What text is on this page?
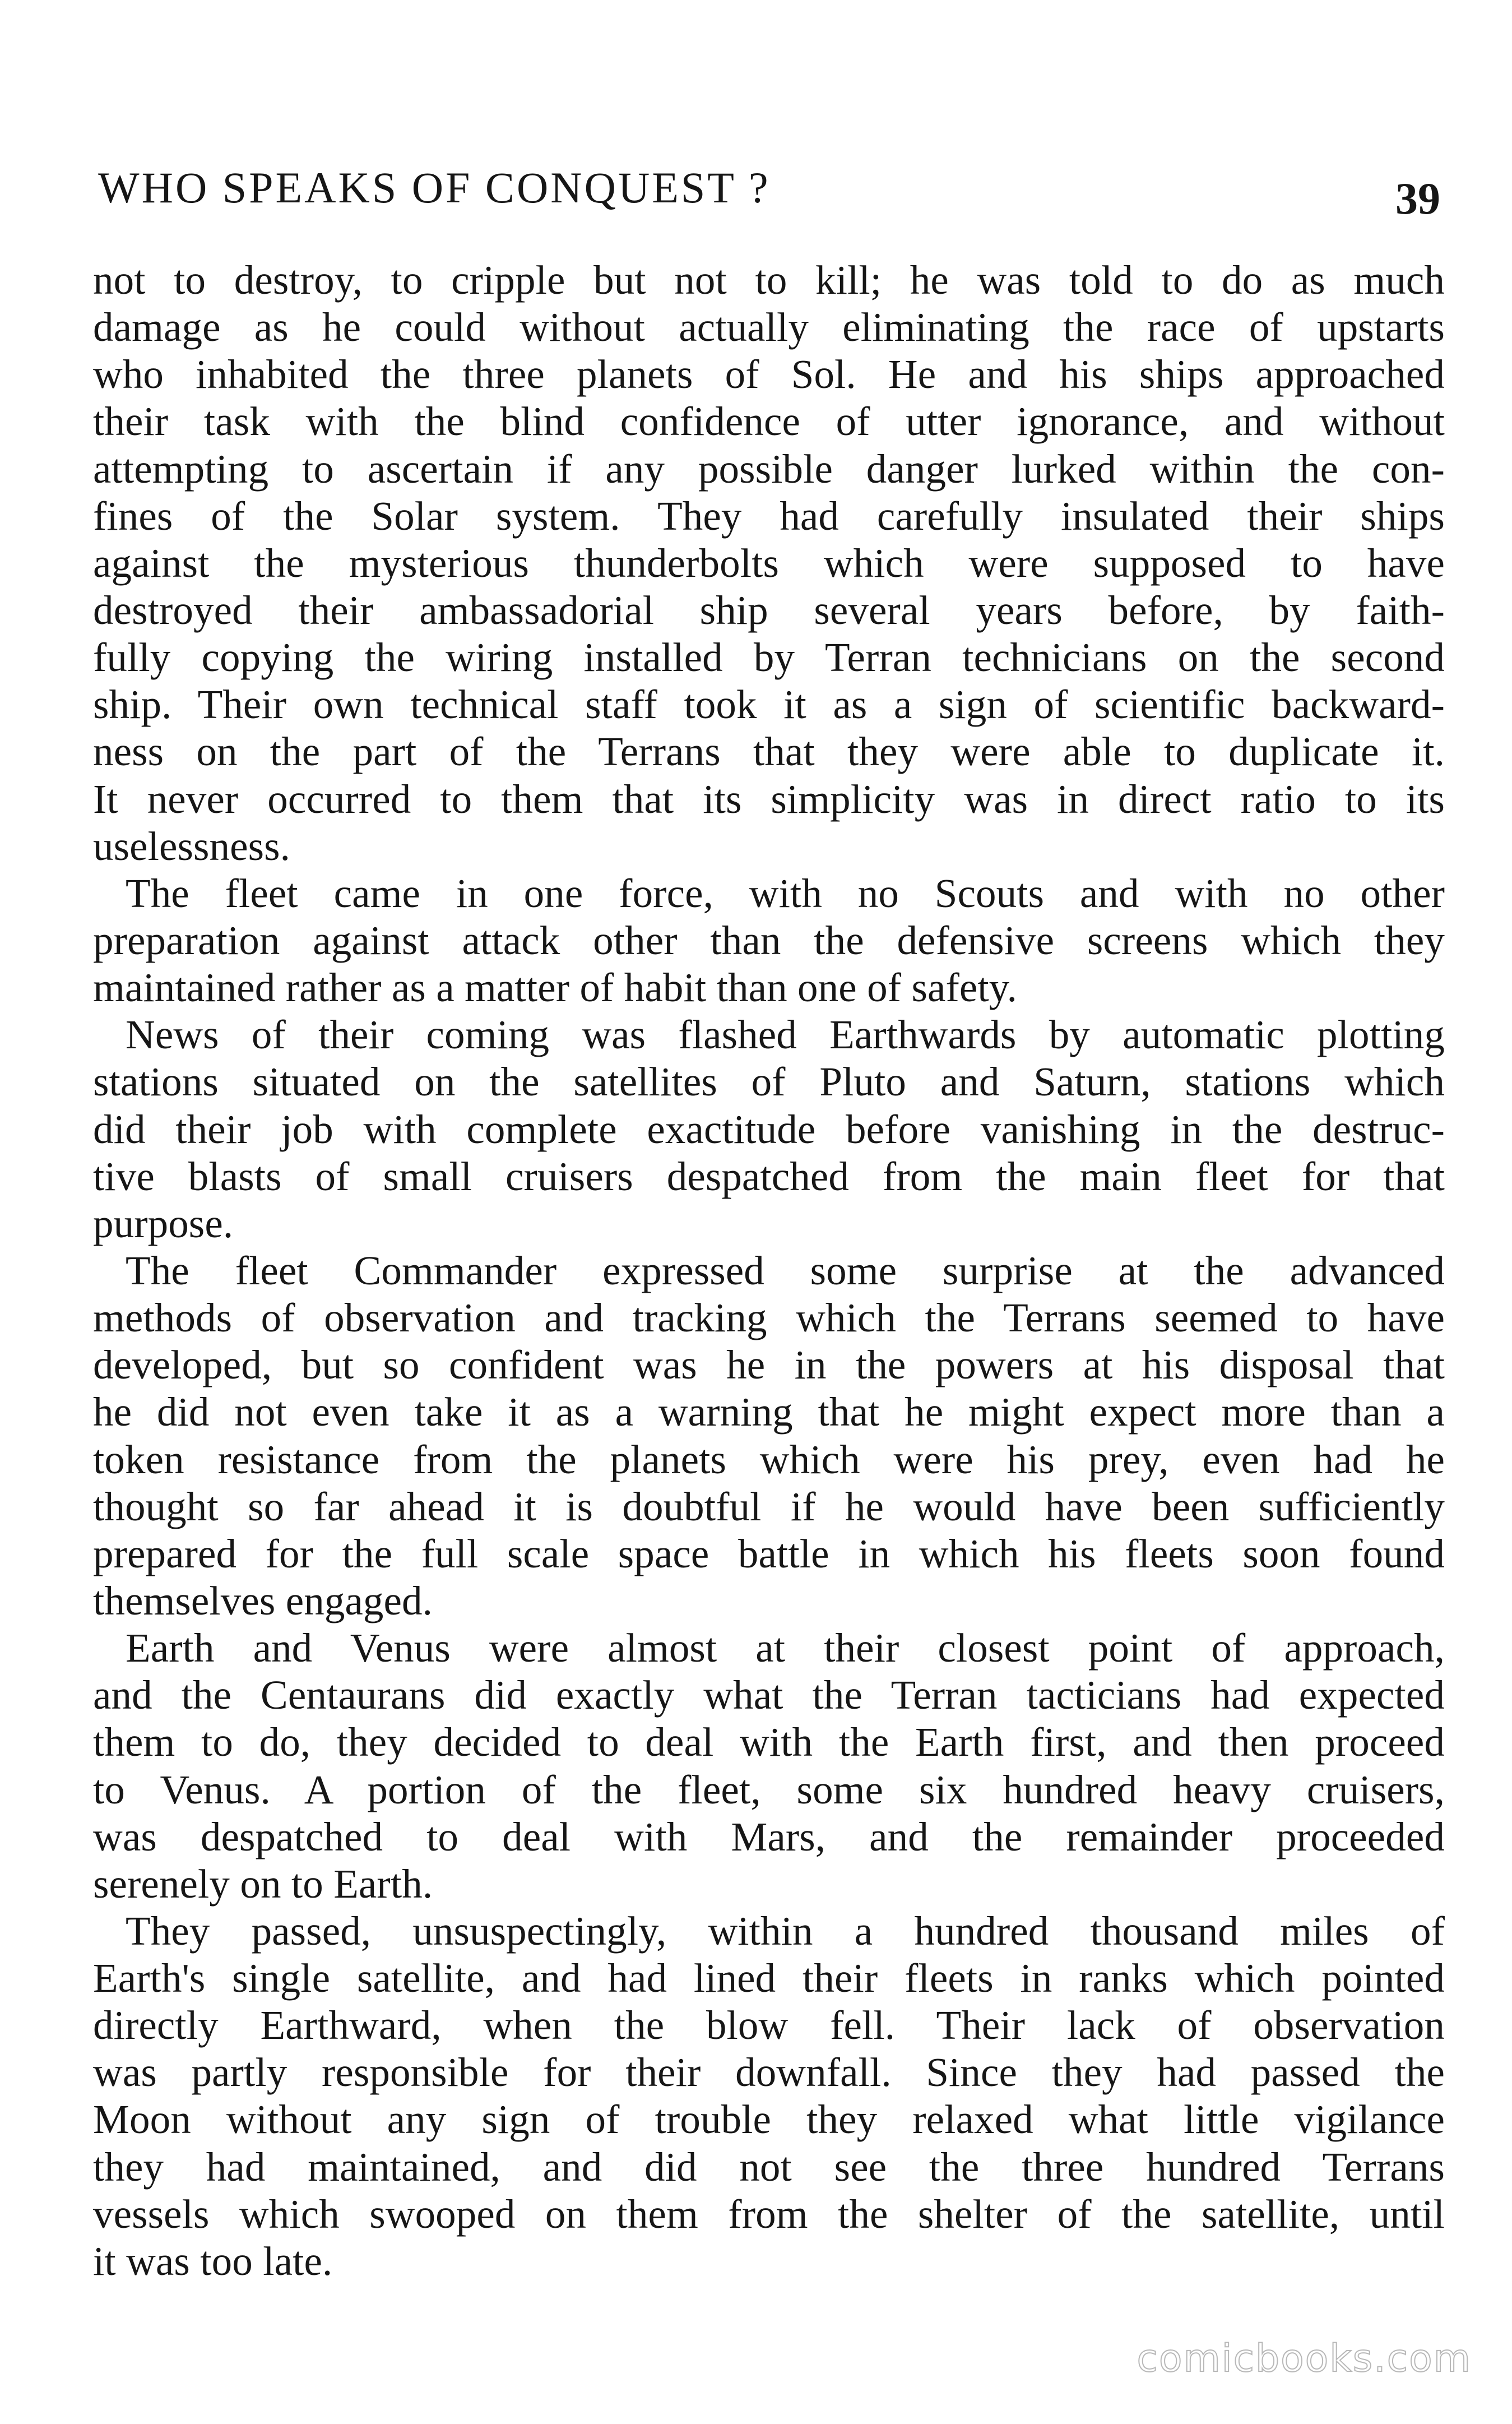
WHO SPEAKS OF CONQUEST ?	39
not to destroy, to cripple but not to kill; he was told to do as much
damage as he could without actually eliminating the race of upstarts
who inhabited the three planets of Sol. He and his ships approached
their task with the blind confidence of utter ignorance, and without
attempting to ascertain if any possible danger lurked within the con-
fines of the Solar system. They had carefully insulated their ships
against the mysterious thunderbolts which were supposed to have
destroyed their ambassadorial ship several years before, by faith-
fully copying the wiring installed by Terran technicians on the second
ship. Their own technical staff took it as a sign of scientific backward-
ness on the part of the Terrans that they were able to duplicate it.
It never occurred to them that its simplicity was in direct ratio to its
uselessness.
The fleet came in one force, with no Scouts and with no other
preparation against attack other than the defensive screens which they
maintained rather as a matter of habit than one of safety.
News of their coming was flashed Earthwards by automatic plotting
stations situated on the satellites of Pluto and Saturn, stations which
did their job with complete exactitude before vanishing in the destruc-
tive blasts of small cruisers despatched from the main fleet for that
purpose.
The fleet Commander expressed some surprise at the advanced
methods of observation and tracking which the Terrans seemed to have
developed, but so confident was he in the powers at his disposal that
he did not even take it as a warning that he might expect more than a
token resistance from the planets which were his prey, even had he
thought so far ahead it is doubtful if he would have been sufficiently
prepared for the full scale space battle in which his fleets soon found
themselves engaged.
Earth and Venus were almost at their closest point of approach,
and the Centaurans did exactly what the Terran tacticians had expected
them to do, they decided to deal with the Earth first, and then proceed
to Venus. A portion of the fleet, some six hundred heavy cruisers,
was despatched to deal with Mars, and the remainder proceeded
serenely on to Earth.
They passed, unsuspectingly, within a hundred thousand miles of
Earth's single satellite, and had lined their fleets in ranks which pointed
directly Earthward, when the blow fell. Their lack of observation
was partly responsible for their downfall. Since they had passed the
Moon without any sign of trouble they relaxed what little vigilance
they had maintained, and did not see the three hundred Terrans
vessels which swooped on them from the shelter of the satellite, until
it was too late.
comicbooks.com
